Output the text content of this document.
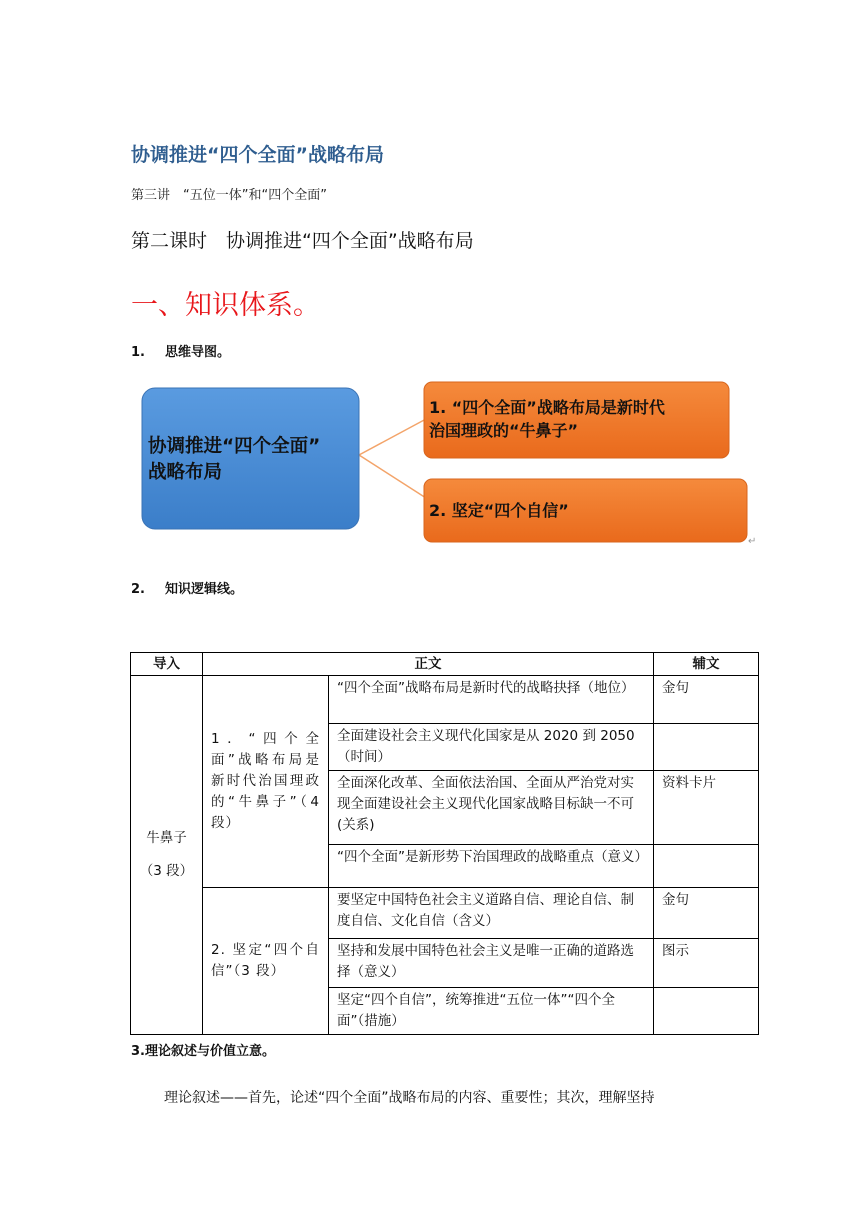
协调推进“四个全面”战略布局
第三讲　“五位一体”和“四个全面”
第二课时　协调推进“四个全面”战略布局
一、知识体系。
1. 思维导图。
协调推进“四个全面”
战略布局
1. “四个全面”战略布局是新时代
治国理政的“牛鼻子”
2. 坚定“四个自信”
↵
2. 知识逻辑线。
导入	正文		辅文

牛鼻子
（3 段）	1．“四个全面”战略布局是新时代治国理政的“牛鼻子”（4 段）	“四个全面”战略布局是新时代的战略抉择（地位）	金句
		全面建设社会主义现代化国家是从 2020 到 2050（时间）	
		全面深化改革、全面依法治国、全面从严治党对实现全面建设社会主义现代化国家战略目标缺一不可(关系)	资料卡片
		“四个全面”是新形势下治国理政的战略重点（意义）	
	2. 坚定“四个自信”（3 段）	要坚定中国特色社会主义道路自信、理论自信、制度自信、文化自信（含义）	金句
		坚持和发展中国特色社会主义是唯一正确的道路选择（意义）	图示
		坚定“四个自信”，统筹推进“五位一体”“四个全面”（措施）	
3.理论叙述与价值立意。
理论叙述——首先，论述“四个全面”战略布局的内容、重要性；其次，理解坚持
